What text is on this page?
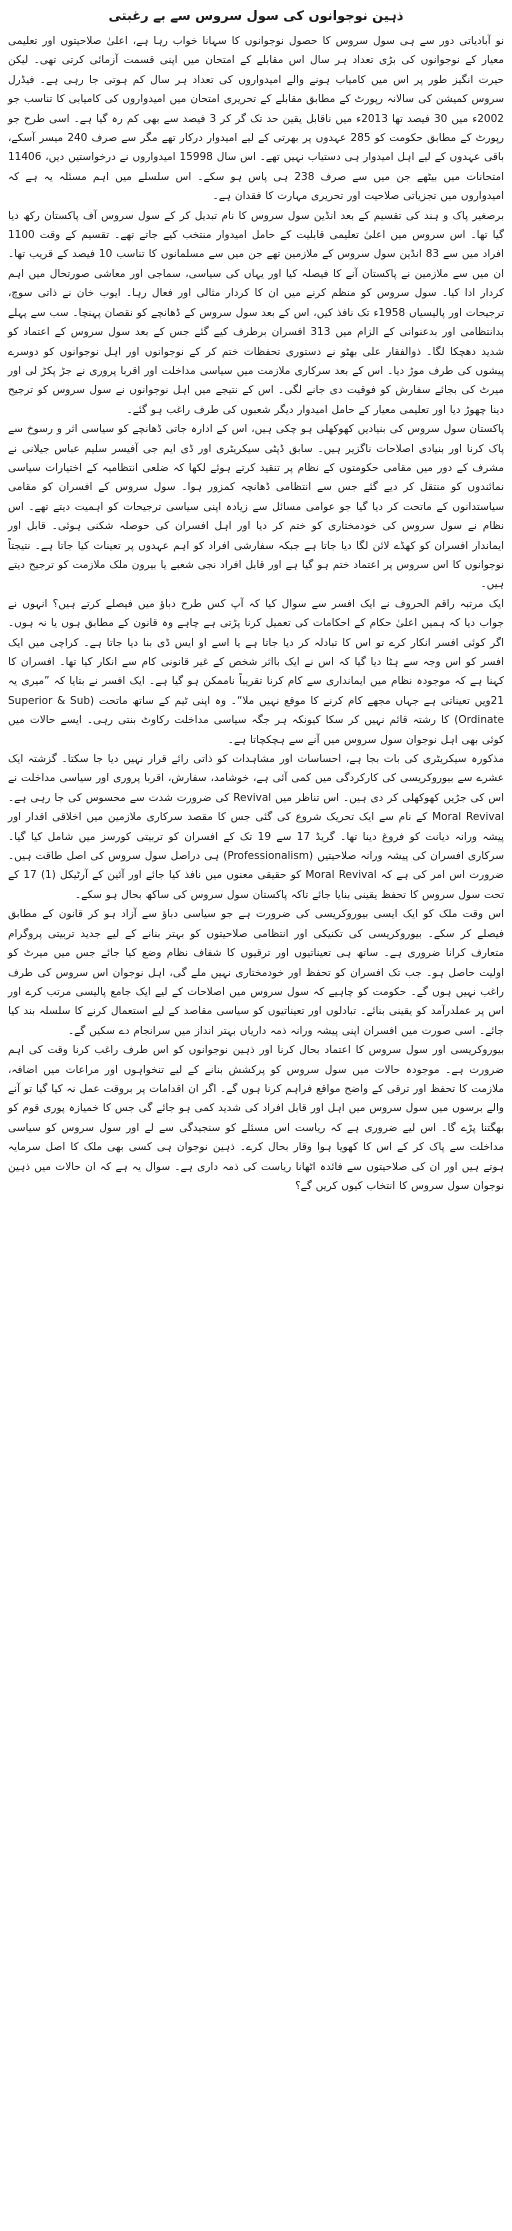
ذہین نوجوانوں کی سول سروس سے بے رغبتی

نو آبادیاتی دور سے ہی سول سروس کا حصول نوجوانوں کا سہانا خواب رہا ہے، اعلیٰ صلاحیتوں اور تعلیمی معیار کے نوجوانوں کی بڑی تعداد ہر سال اس مقابلے کے امتحان میں اپنی قسمت آزمائی کرتی تھی۔ لیکن حیرت انگیز طور پر اس میں کامیاب ہونے والے امیدواروں کی تعداد ہر سال کم ہوتی جا رہی ہے۔ فیڈرل سروس کمیشن کی سالانہ رپورٹ کے مطابق مقابلے کے تحریری امتحان میں امیدواروں کی کامیابی کا تناسب جو 2002ء میں 30 فیصد تھا 2013ء میں ناقابل یقین حد تک گر کر 3 فیصد سے بھی کم رہ گیا ہے۔ اسی طرح جو رپورٹ کے مطابق حکومت کو 285 عہدوں پر بھرتی کے لیے امیدوار درکار تھے مگر سے صرف 240 میسر آسکے، باقی عہدوں کے لیے اہل امیدوار ہی دستیاب نہیں تھے۔ اس سال 15998 امیدواروں نے درخواستیں دیں، 11406 امتحانات میں بیٹھے جن میں سے صرف 238 ہی پاس ہو سکے۔ اس سلسلے میں اہم مسئلہ یہ ہے کہ امیدواروں میں تجزیاتی صلاحیت اور تحریری مہارت کا فقدان ہے۔

برصغیر پاک و ہند کی تقسیم کے بعد انڈین سول سروس کا نام تبدیل کر کے سول سروس آف پاکستان رکھ دیا گیا تھا۔ اس سروس میں اعلیٰ تعلیمی قابلیت کے حامل امیدوار منتخب کیے جاتے تھے۔ تقسیم کے وقت 1100 افراد میں سے 83 انڈین سول سروس کے ملازمین تھے جن میں سے مسلمانوں کا تناسب 10 فیصد کے قریب تھا۔ ان میں سے ملازمین نے پاکستان آنے کا فیصلہ کیا اور یہاں کی سیاسی، سماجی اور معاشی صورتحال میں اہم کردار ادا کیا۔ سول سروس کو منظم کرنے میں ان کا کردار مثالی اور فعال رہا۔ ایوب خان نے ذاتی سوچ، ترجیحات اور پالیسیاں 1958ء تک نافذ کیں، اس کے بعد سول سروس کے ڈھانچے کو نقصان پہنچا۔ سب سے پہلے بدانتظامی اور بدعنوانی کے الزام میں 313 افسران برطرف کیے گئے جس کے بعد سول سروس کے اعتماد کو شدید دھچکا لگا۔ ذوالفقار علی بھٹو نے دستوری تحفظات ختم کر کے نوجوانوں اور اہل نوجوانوں کو دوسرے پیشوں کی طرف موڑ دیا۔ اس کے بعد سرکاری ملازمت میں سیاسی مداخلت اور اقربا پروری نے جڑ پکڑ لی اور میرٹ کی بجائے سفارش کو فوقیت دی جانے لگی۔ اس کے نتیجے میں اہل نوجوانوں نے سول سروس کو ترجیح دینا چھوڑ دیا اور تعلیمی معیار کے حامل امیدوار دیگر شعبوں کی طرف راغب ہو گئے۔

پاکستان سول سروس کی بنیادیں کھوکھلی ہو چکی ہیں، اس کے ادارہ جاتی ڈھانچے کو سیاسی اثر و رسوخ سے پاک کرنا اور بنیادی اصلاحات ناگزیر ہیں۔ سابق ڈپٹی سیکریٹری اور ڈی ایم جی آفیسر سلیم عباس جیلانی نے مشرف کے دور میں مقامی حکومتوں کے نظام پر تنقید کرتے ہوئے لکھا کہ ضلعی انتظامیہ کے اختیارات سیاسی نمائندوں کو منتقل کر دیے گئے جس سے انتظامی ڈھانچہ کمزور ہوا۔ سول سروس کے افسران کو مقامی سیاستدانوں کے ماتحت کر دیا گیا جو عوامی مسائل سے زیادہ اپنی سیاسی ترجیحات کو اہمیت دیتے تھے۔ اس نظام نے سول سروس کی خودمختاری کو ختم کر دیا اور اہل افسران کی حوصلہ شکنی ہوئی۔ قابل اور ایماندار افسران کو کھڈے لائن لگا دیا جاتا ہے جبکہ سفارشی افراد کو اہم عہدوں پر تعینات کیا جاتا ہے۔ نتیجتاً نوجوانوں کا اس سروس پر اعتماد ختم ہو گیا ہے اور قابل افراد نجی شعبے یا بیرون ملک ملازمت کو ترجیح دیتے ہیں۔

ایک مرتبہ راقم الحروف نے ایک افسر سے سوال کیا کہ آپ کس طرح دباؤ میں فیصلے کرتے ہیں؟ انہوں نے جواب دیا کہ ہمیں اعلیٰ حکام کے احکامات کی تعمیل کرنا پڑتی ہے چاہے وہ قانون کے مطابق ہوں یا نہ ہوں۔ اگر کوئی افسر انکار کرے تو اس کا تبادلہ کر دیا جاتا ہے یا اسے او ایس ڈی بنا دیا جاتا ہے۔ کراچی میں ایک افسر کو اس وجہ سے ہٹا دیا گیا کہ اس نے ایک بااثر شخص کے غیر قانونی کام سے انکار کیا تھا۔ افسران کا کہنا ہے کہ موجودہ نظام میں ایمانداری سے کام کرنا تقریباً ناممکن ہو گیا ہے۔ ایک افسر نے بتایا کہ ”میری یہ 21ویں تعیناتی ہے جہاں مجھے کام کرنے کا موقع نہیں ملا“۔ وہ اپنی ٹیم کے ساتھ ماتحت (Superior & Sub Ordinate) کا رشتہ قائم نہیں کر سکا کیونکہ ہر جگہ سیاسی مداخلت رکاوٹ بنتی رہی۔ ایسے حالات میں کوئی بھی اہل نوجوان سول سروس میں آنے سے ہچکچاتا ہے۔

مذکورہ سیکریٹری کی بات بجا ہے، احساسات اور مشاہدات کو ذاتی رائے قرار نہیں دیا جا سکتا۔ گزشتہ ایک عشرے سے بیوروکریسی کی کارکردگی میں کمی آئی ہے، خوشامد، سفارش، اقربا پروری اور سیاسی مداخلت نے اس کی جڑیں کھوکھلی کر دی ہیں۔ اس تناظر میں Revival کی ضرورت شدت سے محسوس کی جا رہی ہے۔ Moral Revival کے نام سے ایک تحریک شروع کی گئی جس کا مقصد سرکاری ملازمین میں اخلاقی اقدار اور پیشہ ورانہ دیانت کو فروغ دینا تھا۔ گریڈ 17 سے 19 تک کے افسران کو تربیتی کورسز میں شامل کیا گیا۔ سرکاری افسران کی پیشہ ورانہ صلاحیتیں (Professionalism) ہی دراصل سول سروس کی اصل طاقت ہیں۔ ضرورت اس امر کی ہے کہ Moral Revival کو حقیقی معنوں میں نافذ کیا جائے اور آئین کے آرٹیکل (1) 17 کے تحت سول سروس کا تحفظ یقینی بنایا جائے تاکہ پاکستان سول سروس کی ساکھ بحال ہو سکے۔

اس وقت ملک کو ایک ایسی بیوروکریسی کی ضرورت ہے جو سیاسی دباؤ سے آزاد ہو کر قانون کے مطابق فیصلے کر سکے۔ بیوروکریسی کی تکنیکی اور انتظامی صلاحیتوں کو بہتر بنانے کے لیے جدید تربیتی پروگرام متعارف کرانا ضروری ہے۔ ساتھ ہی تعیناتیوں اور ترقیوں کا شفاف نظام وضع کیا جائے جس میں میرٹ کو اولیت حاصل ہو۔ جب تک افسران کو تحفظ اور خودمختاری نہیں ملے گی، اہل نوجوان اس سروس کی طرف راغب نہیں ہوں گے۔ حکومت کو چاہیے کہ سول سروس میں اصلاحات کے لیے ایک جامع پالیسی مرتب کرے اور اس پر عملدرآمد کو یقینی بنائے۔ تبادلوں اور تعیناتیوں کو سیاسی مقاصد کے لیے استعمال کرنے کا سلسلہ بند کیا جائے۔ اسی صورت میں افسران اپنی پیشہ ورانہ ذمہ داریاں بہتر انداز میں سرانجام دے سکیں گے۔

بیوروکریسی اور سول سروس کا اعتماد بحال کرنا اور ذہین نوجوانوں کو اس طرف راغب کرنا وقت کی اہم ضرورت ہے۔ موجودہ حالات میں سول سروس کو پرکشش بنانے کے لیے تنخواہوں اور مراعات میں اضافہ، ملازمت کا تحفظ اور ترقی کے واضح مواقع فراہم کرنا ہوں گے۔ اگر ان اقدامات پر بروقت عمل نہ کیا گیا تو آنے والے برسوں میں سول سروس میں اہل اور قابل افراد کی شدید کمی ہو جائے گی جس کا خمیازہ پوری قوم کو بھگتنا پڑے گا۔ اس لیے ضروری ہے کہ ریاست اس مسئلے کو سنجیدگی سے لے اور سول سروس کو سیاسی مداخلت سے پاک کر کے اس کا کھویا ہوا وقار بحال کرے۔ ذہین نوجوان ہی کسی بھی ملک کا اصل سرمایہ ہوتے ہیں اور ان کی صلاحیتوں سے فائدہ اٹھانا ریاست کی ذمہ داری ہے۔ سوال یہ ہے کہ ان حالات میں ذہین نوجوان سول سروس کا انتخاب کیوں کریں گے؟
